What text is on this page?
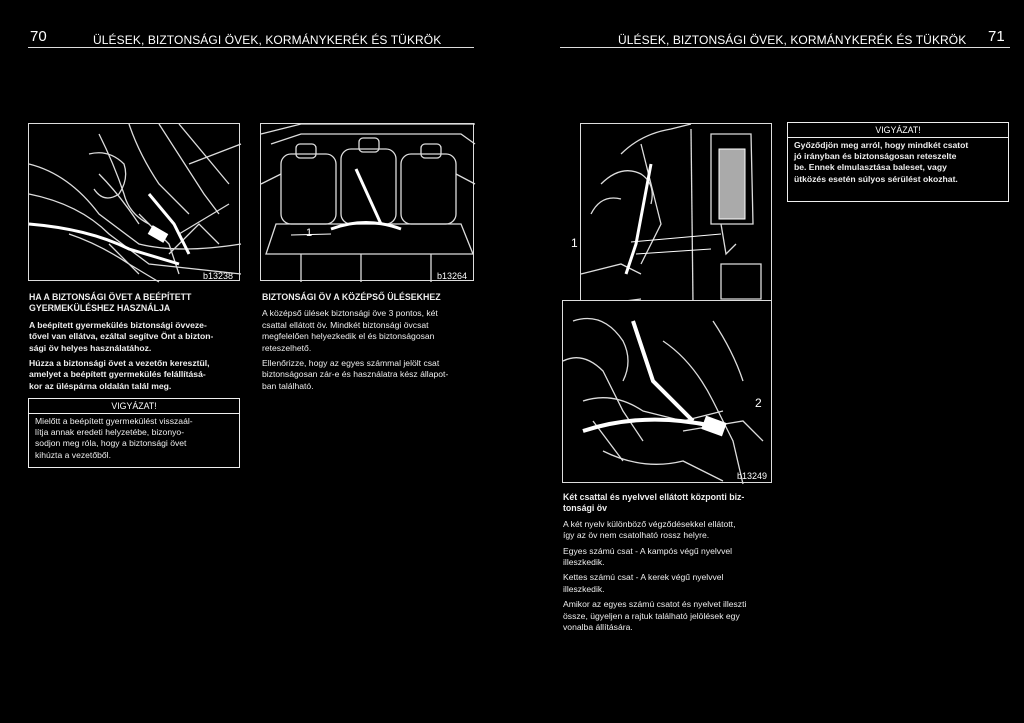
70	ÜLÉSEK, BIZTONSÁGI ÖVEK, KORMÁNYKERÉK ÉS TÜKRÖK	ÜLÉSEK, BIZTONSÁGI ÖVEK, KORMÁNYKERÉK ÉS TÜKRÖK 71
b13238
1
b13264
1
VIGYÁZAT!
Győződjön meg arról, hogy mindkét csatot
jó irányban és biztonságosan reteszelte
be. Ennek elmulasztása baleset, vagy
ütközés esetén súlyos sérülést okozhat.
2
b13249
HA A BIZTONSÁGI ÖVET A BEÉPÍTETT
GYERMEKÜLÉSHEZ HASZNÁLJA

A beépített gyermekülés biztonsági övveze-
tővel van ellátva, ezáltal segítve Önt a bizton-
sági öv helyes használatához.

Húzza a biztonsági övet a vezetőn keresztül,
amelyet a beépített gyermekülés felállításá-
kor az üléspárna oldalán talál meg.

VIGYÁZAT!
Mielőtt a beépített gyermekülést visszaál-
lítja annak eredeti helyzetébe, bizonyo-
sodjon meg róla, hogy a biztonsági övet
kihúzta a vezetőből.
BIZTONSÁGI ÖV A KÖZÉPSŐ ÜLÉSEKHEZ

A középső ülések biztonsági öve 3 pontos, két
csattal ellátott öv. Mindkét biztonsági övcsat
megfelelően helyezkedik el és biztonságosan
reteszelhető.

Ellenőrizze, hogy az egyes számmal jelölt csat
biztonságosan zár-e és használatra kész állapot-
ban található.

Két csattal és nyelvvel ellátott központi biz-
tonsági öv

A két nyelv különböző végződésekkel ellátott,
így az öv nem csatolható rossz helyre.

Egyes számú csat - A kampós végű nyelvvel
illeszkedik.

Kettes számú csat - A kerek végű nyelvvel
illeszkedik.

Amikor az egyes számú csatot és nyelvet illeszti
össze, ügyeljen a rajtuk található jelölések egy
vonalba állítására.
